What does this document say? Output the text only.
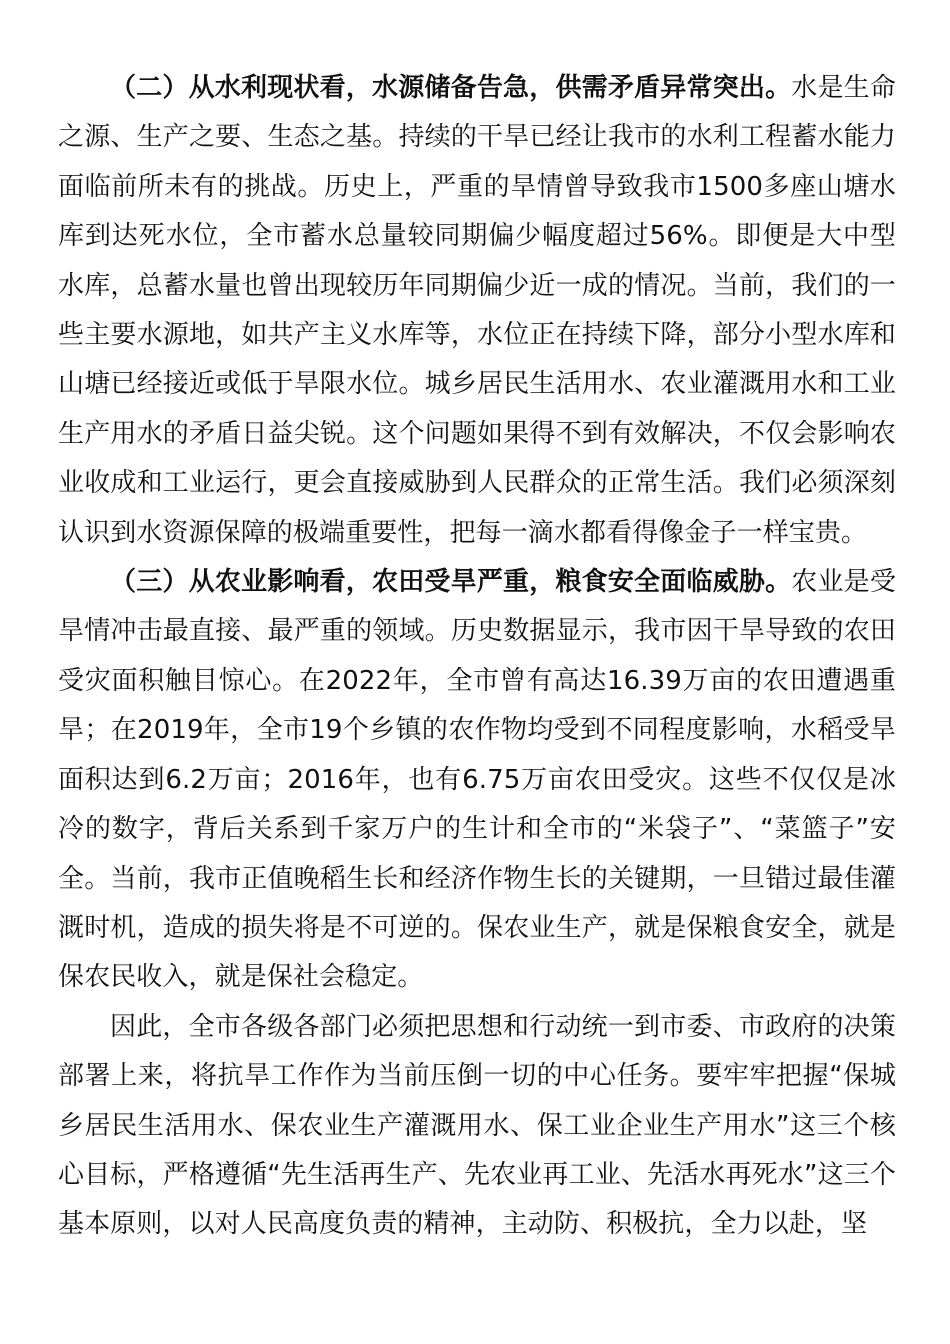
（二）从水利现状看，水源储备告急，供需矛盾异常突出。水是生命之源、生产之要、生态之基。持续的干旱已经让我市的水利工程蓄水能力面临前所未有的挑战。历史上，严重的旱情曾导致我市1500多座山塘水库到达死水位，全市蓄水总量较同期偏少幅度超过56%。即便是大中型水库，总蓄水量也曾出现较历年同期偏少近一成的情况。当前，我们的一些主要水源地，如共产主义水库等，水位正在持续下降，部分小型水库和山塘已经接近或低于旱限水位。城乡居民生活用水、农业灌溉用水和工业生产用水的矛盾日益尖锐。这个问题如果得不到有效解决，不仅会影响农业收成和工业运行，更会直接威胁到人民群众的正常生活。我们必须深刻认识到水资源保障的极端重要性，把每一滴水都看得像金子一样宝贵。

（三）从农业影响看，农田受旱严重，粮食安全面临威胁。农业是受旱情冲击最直接、最严重的领域。历史数据显示，我市因干旱导致的农田受灾面积触目惊心。在2022年，全市曾有高达16.39万亩的农田遭遇重旱；在2019年，全市19个乡镇的农作物均受到不同程度影响，水稻受旱面积达到6.2万亩；2016年，也有6.75万亩农田受灾。这些不仅仅是冰冷的数字，背后关系到千家万户的生计和全市的“米袋子”、“菜篮子”安全。当前，我市正值晚稻生长和经济作物生长的关键期，一旦错过最佳灌溉时机，造成的损失将是不可逆的。保农业生产，就是保粮食安全，就是保农民收入，就是保社会稳定。

因此，全市各级各部门必须把思想和行动统一到市委、市政府的决策部署上来，将抗旱工作作为当前压倒一切的中心任务。要牢牢把握“保城乡居民生活用水、保农业生产灌溉用水、保工业企业生产用水”这三个核心目标，严格遵循“先生活再生产、先农业再工业、先活水再死水”这三个基本原则，以对人民高度负责的精神，主动防、积极抗，全力以赴，坚
